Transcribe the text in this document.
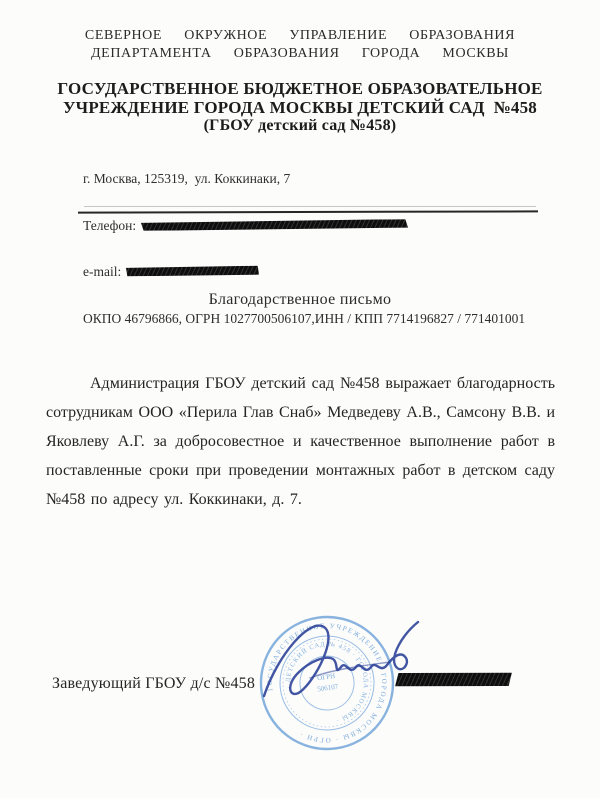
СЕВЕРНОЕ  ОКРУЖНОЕ  УПРАВЛЕНИЕ  ОБРАЗОВАНИЯ
ДЕПАРТАМЕНТА  ОБРАЗОВАНИЯ  ГОРОДА  МОСКВЫ
ГОСУДАРСТВЕННОЕ БЮДЖЕТНОЕ ОБРАЗОВАТЕЛЬНОЕ
УЧРЕЖДЕНИЕ ГОРОДА МОСКВЫ ДЕТСКИЙ САД  №458
(ГБОУ детский сад №458)

г. Москва, 125319,  ул. Коккинаки, 7

Телефон:

e-mail:

ОКПО 46796866, ОГРН 1027700506107,ИНН / КПП 7714196827 / 771401001

Благодарственное письмо

Администрация ГБОУ детский сад №458 выражает благодарность сотрудникам ООО «Перила Глав Снаб» Медведеву А.В., Самсону В.В. и Яковлеву А.Г. за добросовестное и качественное выполнение работ в поставленные сроки при проведении монтажных работ в детском саду №458 по адресу ул. Коккинаки, д. 7.

Заведующий ГБОУ д/с №458	ГОСУДАРСТВЕННОЕ УЧРЕЖДЕНИЕ · ГОРОДА МОСКВЫ · ОГРН ·
· ДЕТСКИЙ САД № 458 · ГОРОДА МОСКВЫ ·
ОГРН
506107
